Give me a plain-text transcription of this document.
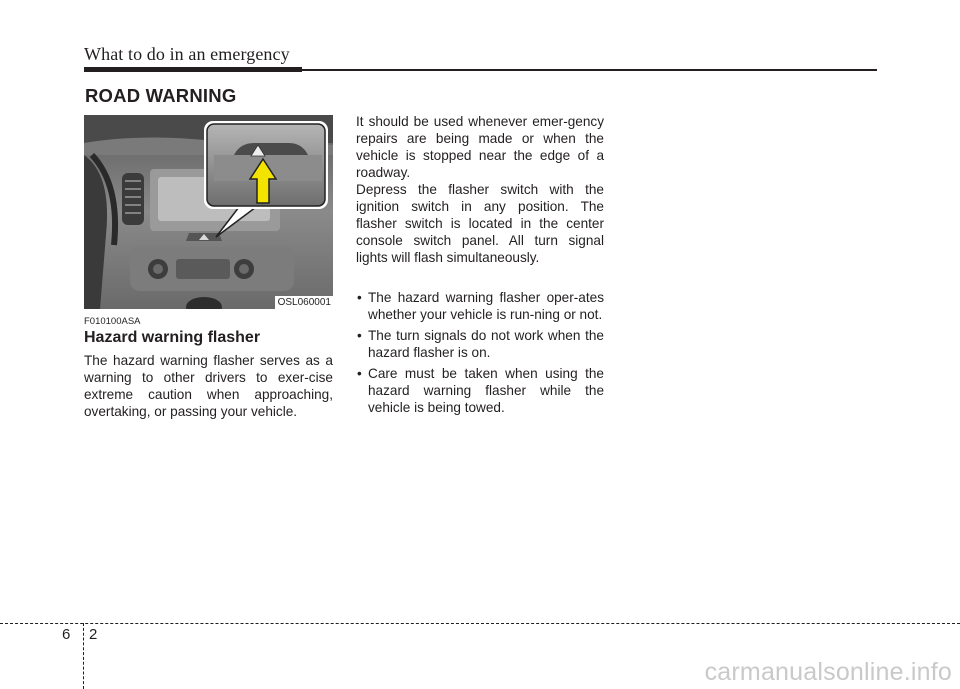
What to do in an emergency
ROAD WARNING
OSL060001
F010100ASA
Hazard warning flasher
The hazard warning flasher serves as a warning to other drivers to exer-cise extreme caution when approaching, overtaking, or passing your vehicle.
It should be used whenever emer-gency repairs are being made or when the vehicle is stopped near the edge of a roadway.
Depress the flasher switch with the ignition switch in any position. The flasher switch is located in the center console switch panel. All turn signal lights will flash simultaneously.
• The hazard warning flasher oper-ates whether your vehicle is run-ning or not.
• The turn signals do not work when the hazard flasher is on.
• Care must be taken when using the hazard warning flasher while the vehicle is being towed.
6 2
carmanualsonline.info
